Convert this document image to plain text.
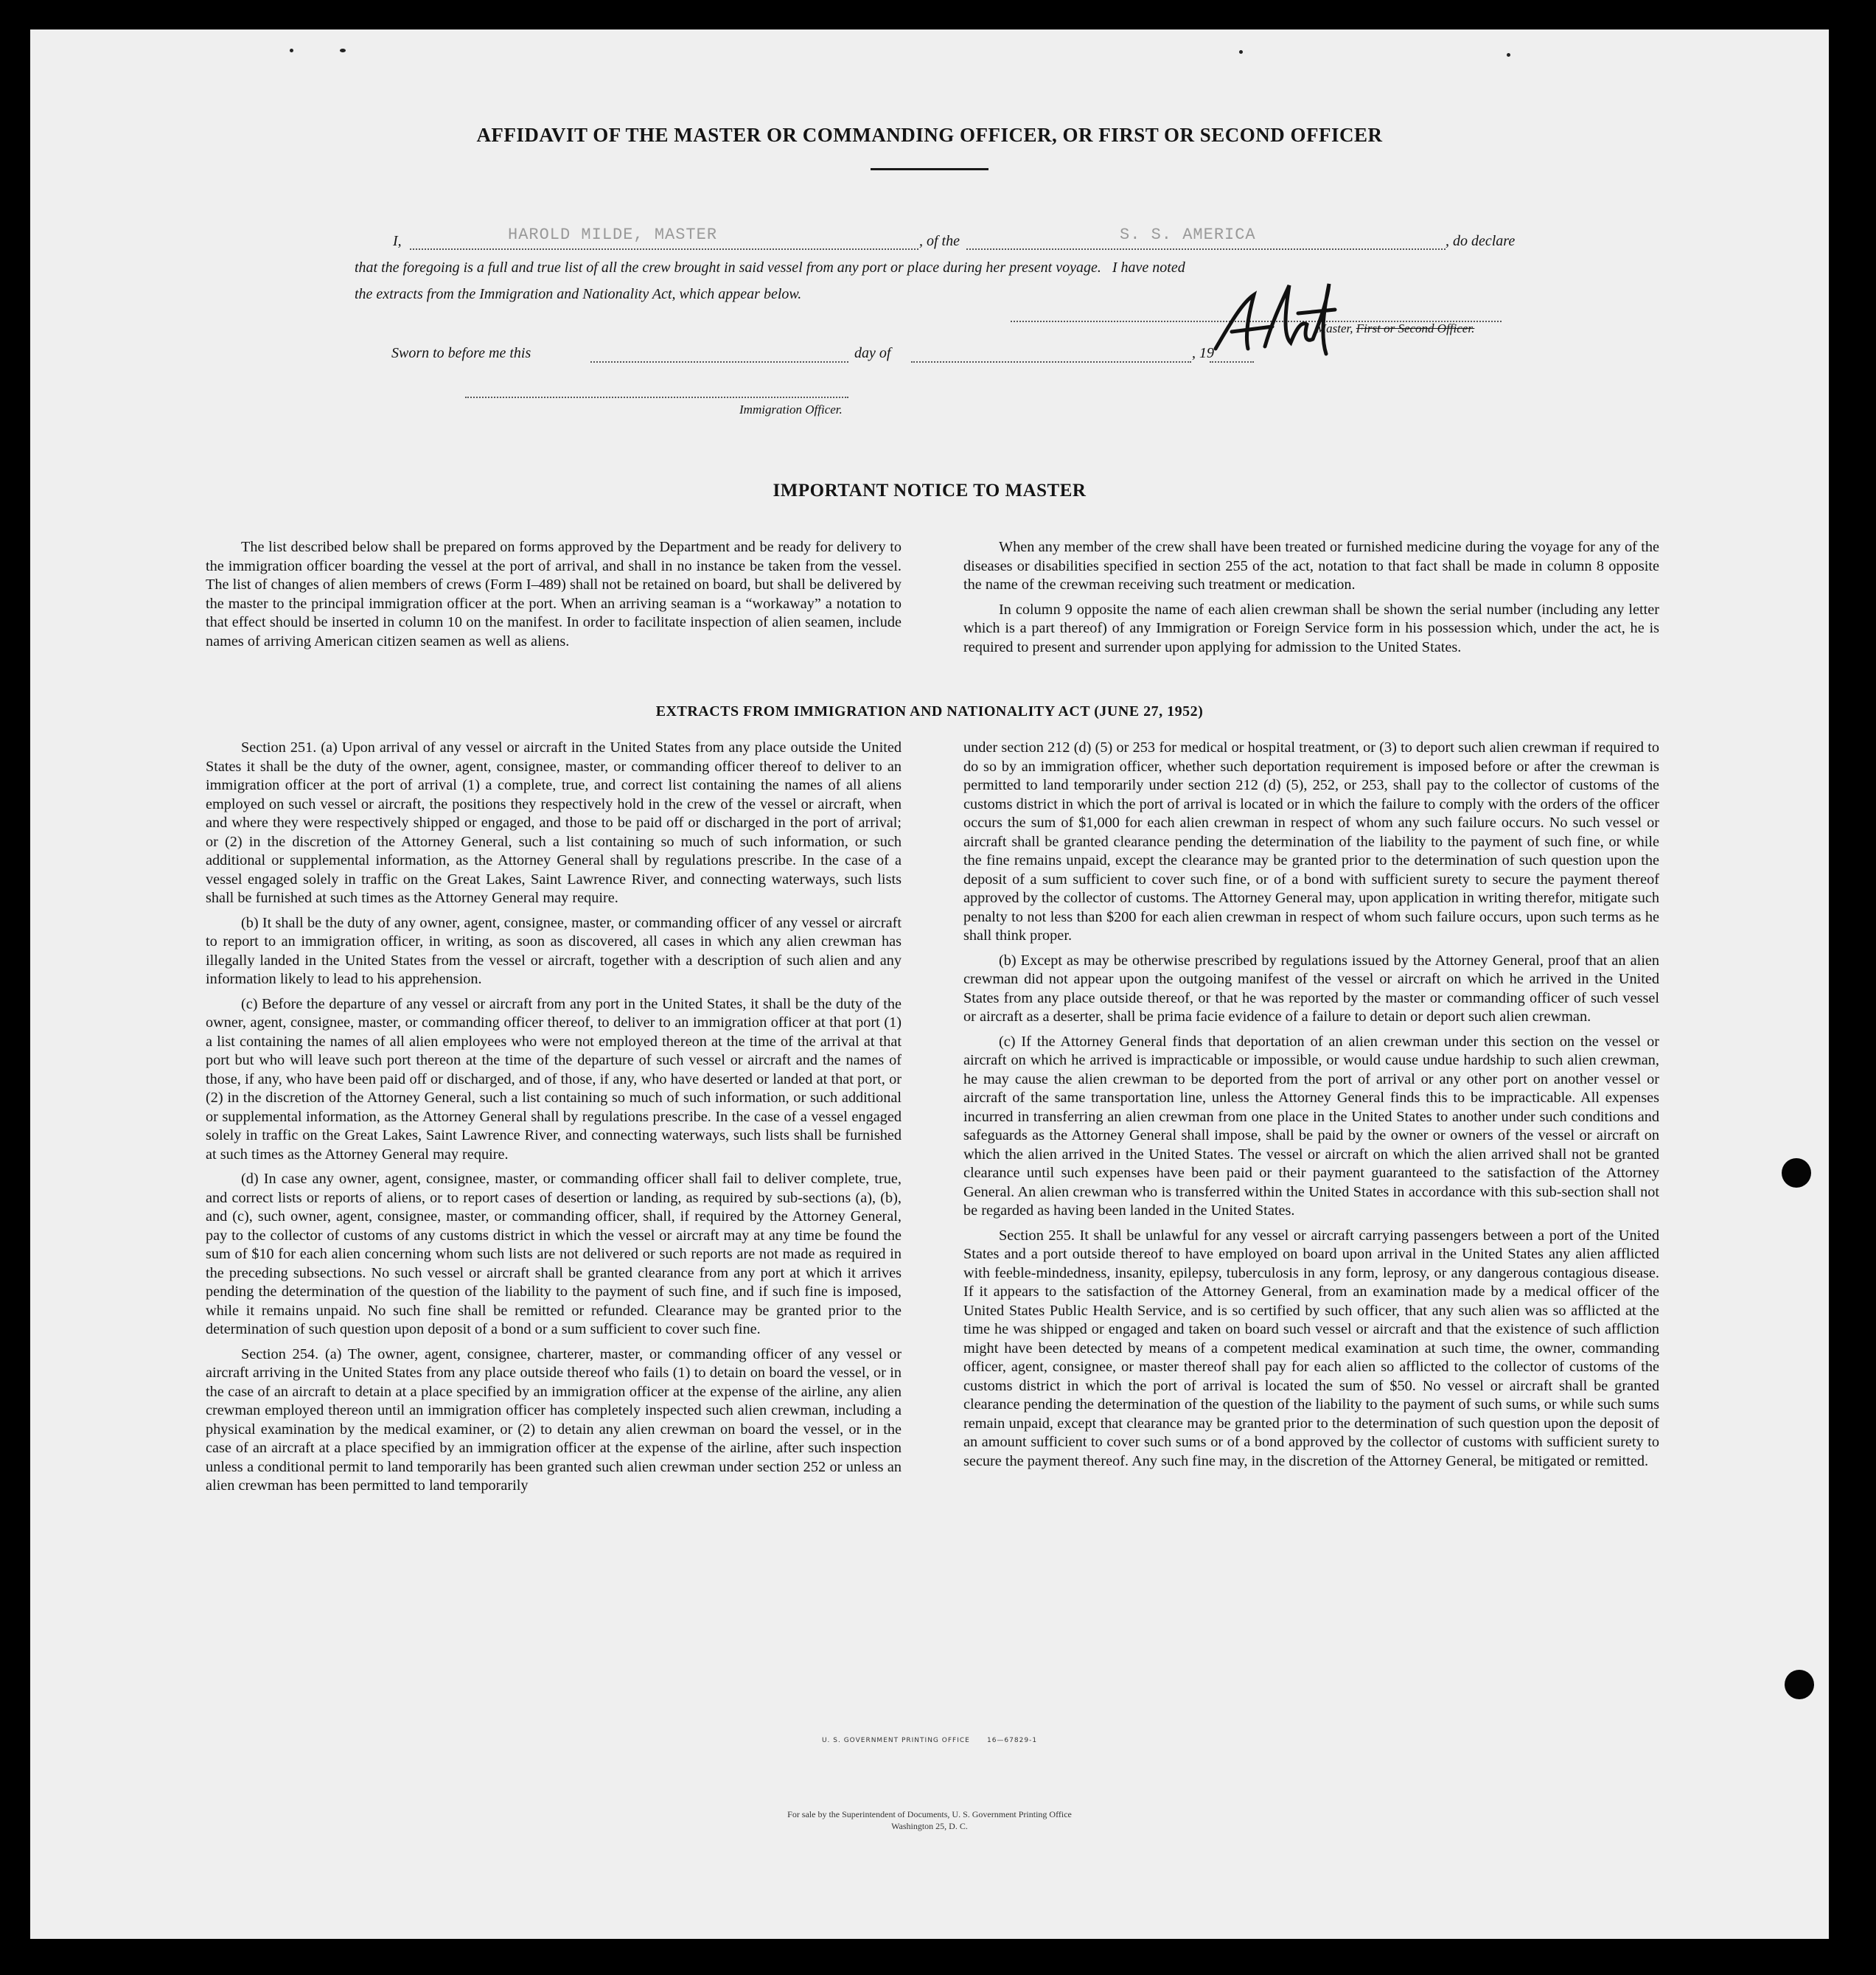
AFFIDAVIT OF THE MASTER OR COMMANDING OFFICER, OR FIRST OR SECOND OFFICER
I,	HAROLD MILDE, MASTER	, of the	S. S. AMERICA	, do declare
that the foregoing is a full and true list of all the crew brought in said vessel from any port or place during her present voyage.   I have noted
the extracts from the Immigration and Nationality Act, which appear below.
Master, First or Second Officer.
Sworn to before me this	day of	, 19
Immigration Officer.
IMPORTANT NOTICE TO MASTER

The list described below shall be prepared on forms approved by the Department and be ready for delivery to the immigration officer boarding the vessel at the port of arrival, and shall in no instance be taken from the vessel. The list of changes of alien members of crews (Form I–489) shall not be retained on board, but shall be delivered by the master to the principal immigration officer at the port. When an arriving seaman is a “workaway” a notation to that effect should be inserted in column 10 on the manifest. In order to facilitate inspection of alien seamen, include names of arriving American citizen seamen as well as aliens.

When any member of the crew shall have been treated or furnished medicine during the voyage for any of the diseases or disabilities specified in section 255 of the act, notation to that fact shall be made in column 8 opposite the name of the crewman receiving such treatment or medication.

In column 9 opposite the name of each alien crewman shall be shown the serial number (including any letter which is a part thereof) of any Immigration or Foreign Service form in his possession which, under the act, he is required to present and surrender upon applying for admission to the United States.

EXTRACTS FROM IMMIGRATION AND NATIONALITY ACT (JUNE 27, 1952)

Section 251. (a) Upon arrival of any vessel or aircraft in the United States from any place outside the United States it shall be the duty of the owner, agent, consignee, master, or commanding officer thereof to deliver to an immigration officer at the port of arrival (1) a complete, true, and correct list containing the names of all aliens employed on such vessel or aircraft, the positions they respectively hold in the crew of the vessel or aircraft, when and where they were respectively shipped or engaged, and those to be paid off or discharged in the port of arrival; or (2) in the discretion of the Attorney General, such a list containing so much of such information, or such additional or supplemental information, as the Attorney General shall by regulations prescribe. In the case of a vessel engaged solely in traffic on the Great Lakes, Saint Lawrence River, and connecting waterways, such lists shall be furnished at such times as the Attorney General may require.

(b) It shall be the duty of any owner, agent, consignee, master, or commanding officer of any vessel or aircraft to report to an immigration officer, in writing, as soon as discovered, all cases in which any alien crewman has illegally landed in the United States from the vessel or aircraft, together with a description of such alien and any information likely to lead to his apprehension.

(c) Before the departure of any vessel or aircraft from any port in the United States, it shall be the duty of the owner, agent, consignee, master, or commanding officer thereof, to deliver to an immigration officer at that port (1) a list containing the names of all alien employees who were not employed thereon at the time of the arrival at that port but who will leave such port thereon at the time of the departure of such vessel or aircraft and the names of those, if any, who have been paid off or discharged, and of those, if any, who have deserted or landed at that port, or (2) in the discretion of the Attorney General, such a list containing so much of such information, or such additional or supplemental information, as the Attorney General shall by regulations prescribe. In the case of a vessel engaged solely in traffic on the Great Lakes, Saint Lawrence River, and connecting waterways, such lists shall be furnished at such times as the Attorney General may require.

(d) In case any owner, agent, consignee, master, or commanding officer shall fail to deliver complete, true, and correct lists or reports of aliens, or to report cases of desertion or landing, as required by sub-sections (a), (b), and (c), such owner, agent, consignee, master, or commanding officer, shall, if required by the Attorney General, pay to the collector of customs of any customs district in which the vessel or aircraft may at any time be found the sum of $10 for each alien concerning whom such lists are not delivered or such reports are not made as required in the preceding subsections. No such vessel or aircraft shall be granted clearance from any port at which it arrives pending the determination of the question of the liability to the payment of such fine, and if such fine is imposed, while it remains unpaid. No such fine shall be remitted or refunded. Clearance may be granted prior to the determination of such question upon deposit of a bond or a sum sufficient to cover such fine.

Section 254. (a) The owner, agent, consignee, charterer, master, or commanding officer of any vessel or aircraft arriving in the United States from any place outside thereof who fails (1) to detain on board the vessel, or in the case of an aircraft to detain at a place specified by an immigration officer at the expense of the airline, any alien crewman employed thereon until an immigration officer has completely inspected such alien crewman, including a physical examination by the medical examiner, or (2) to detain any alien crewman on board the vessel, or in the case of an aircraft at a place specified by an immigration officer at the expense of the airline, after such inspection unless a conditional permit to land temporarily has been granted such alien crewman under section 252 or unless an alien crewman has been permitted to land temporarily

under section 212 (d) (5) or 253 for medical or hospital treatment, or (3) to deport such alien crewman if required to do so by an immigration officer, whether such deportation requirement is imposed before or after the crewman is permitted to land temporarily under section 212 (d) (5), 252, or 253, shall pay to the collector of customs of the customs district in which the port of arrival is located or in which the failure to comply with the orders of the officer occurs the sum of $1,000 for each alien crewman in respect of whom any such failure occurs. No such vessel or aircraft shall be granted clearance pending the determination of the liability to the payment of such fine, or while the fine remains unpaid, except the clearance may be granted prior to the determination of such question upon the deposit of a sum sufficient to cover such fine, or of a bond with sufficient surety to secure the payment thereof approved by the collector of customs. The Attorney General may, upon application in writing therefor, mitigate such penalty to not less than $200 for each alien crewman in respect of whom such failure occurs, upon such terms as he shall think proper.

(b) Except as may be otherwise prescribed by regulations issued by the Attorney General, proof that an alien crewman did not appear upon the outgoing manifest of the vessel or aircraft on which he arrived in the United States from any place outside thereof, or that he was reported by the master or commanding officer of such vessel or aircraft as a deserter, shall be prima facie evidence of a failure to detain or deport such alien crewman.

(c) If the Attorney General finds that deportation of an alien crewman under this section on the vessel or aircraft on which he arrived is impracticable or impossible, or would cause undue hardship to such alien crewman, he may cause the alien crewman to be deported from the port of arrival or any other port on another vessel or aircraft of the same transportation line, unless the Attorney General finds this to be impracticable. All expenses incurred in transferring an alien crewman from one place in the United States to another under such conditions and safeguards as the Attorney General shall impose, shall be paid by the owner or owners of the vessel or aircraft on which the alien arrived in the United States. The vessel or aircraft on which the alien arrived shall not be granted clearance until such expenses have been paid or their payment guaranteed to the satisfaction of the Attorney General. An alien crewman who is transferred within the United States in accordance with this sub-section shall not be regarded as having been landed in the United States.

Section 255. It shall be unlawful for any vessel or aircraft carrying passengers between a port of the United States and a port outside thereof to have employed on board upon arrival in the United States any alien afflicted with feeble-mindedness, insanity, epilepsy, tuberculosis in any form, leprosy, or any dangerous contagious disease. If it appears to the satisfaction of the Attorney General, from an examination made by a medical officer of the United States Public Health Service, and is so certified by such officer, that any such alien was so afflicted at the time he was shipped or engaged and taken on board such vessel or aircraft and that the existence of such affliction might have been detected by means of a competent medical examination at such time, the owner, commanding officer, agent, consignee, or master thereof shall pay for each alien so afflicted to the collector of customs of the customs district in which the port of arrival is located the sum of $50. No vessel or aircraft shall be granted clearance pending the determination of the question of the liability to the payment of such sums, or while such sums remain unpaid, except that clearance may be granted prior to the determination of such question upon the deposit of an amount sufficient to cover such sums or of a bond approved by the collector of customs with sufficient surety to secure the payment thereof. Any such fine may, in the discretion of the Attorney General, be mitigated or remitted.

U. S. GOVERNMENT PRINTING OFFICE      16—67829-1
For sale by the Superintendent of Documents, U. S. Government Printing Office
Washington 25, D. C.
